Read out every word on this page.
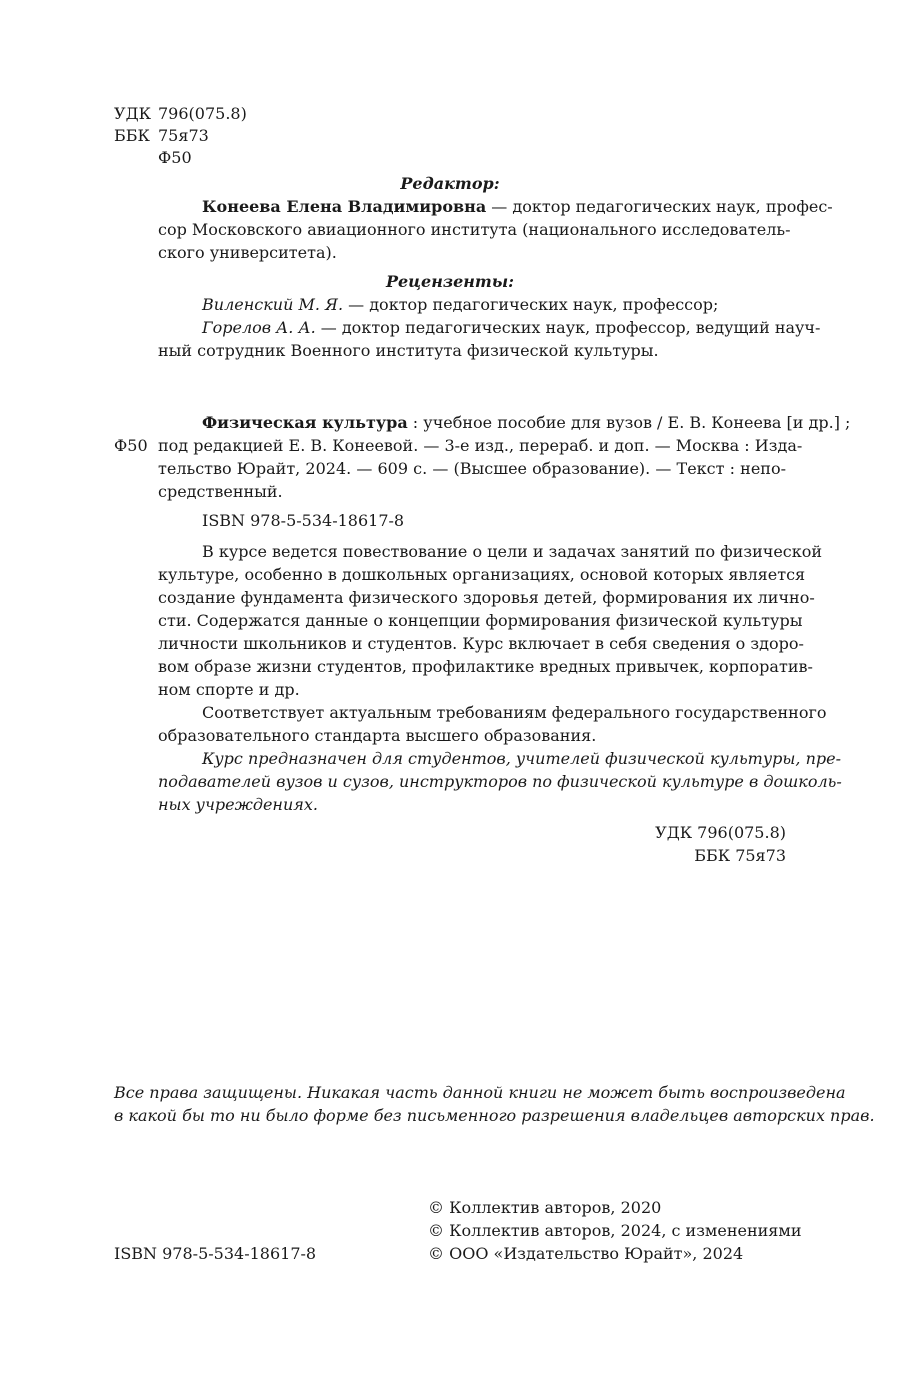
УДК 796(075.8)
ББК 75я73
Ф50
Редактор:
Конеева Елена Владимировна — доктор педагогических наук, профес-
сор Московского авиационного института (национального исследователь-
ского университета).
Рецензенты:
Виленский М. Я. — доктор педагогических наук, профессор;
Горелов А. А. — доктор педагогических наук, профессор, ведущий науч-
ный сотрудник Военного института физической культуры.
Физическая культура : учебное пособие для вузов / Е. В. Конеева [и др.] ;
Ф50 под редакцией Е. В. Конеевой. — 3-е изд., перераб. и доп. — Москва : Изда-
тельство Юрайт, 2024. — 609 с. — (Высшее образование). — Текст : непо-
средственный.
ISBN 978-5-534-18617-8
В курсе ведется повествование о цели и задачах занятий по физической
культуре, особенно в дошкольных организациях, основой которых является
создание фундамента физического здоровья детей, формирования их лично-
сти. Содержатся данные о концепции формирования физической культуры
личности школьников и студентов. Курс включает в себя сведения о здоро-
вом образе жизни студентов, профилактике вредных привычек, корпоратив-
ном спорте и др.
Соответствует актуальным требованиям федерального государственного
образовательного стандарта высшего образования.
Курс предназначен для студентов, учителей физической культуры, пре-
подавателей вузов и сузов, инструкторов по физической культуре в дошколь-
ных учреждениях.
УДК 796(075.8)
ББК 75я73
Все права защищены. Никакая часть данной книги не может быть воспроизведена
в какой бы то ни было форме без письменного разрешения владельцев авторских прав.
© Коллектив авторов, 2020
© Коллектив авторов, 2024, с изменениями
ISBN 978-5-534-18617-8	© ООО «Издательство Юрайт», 2024
